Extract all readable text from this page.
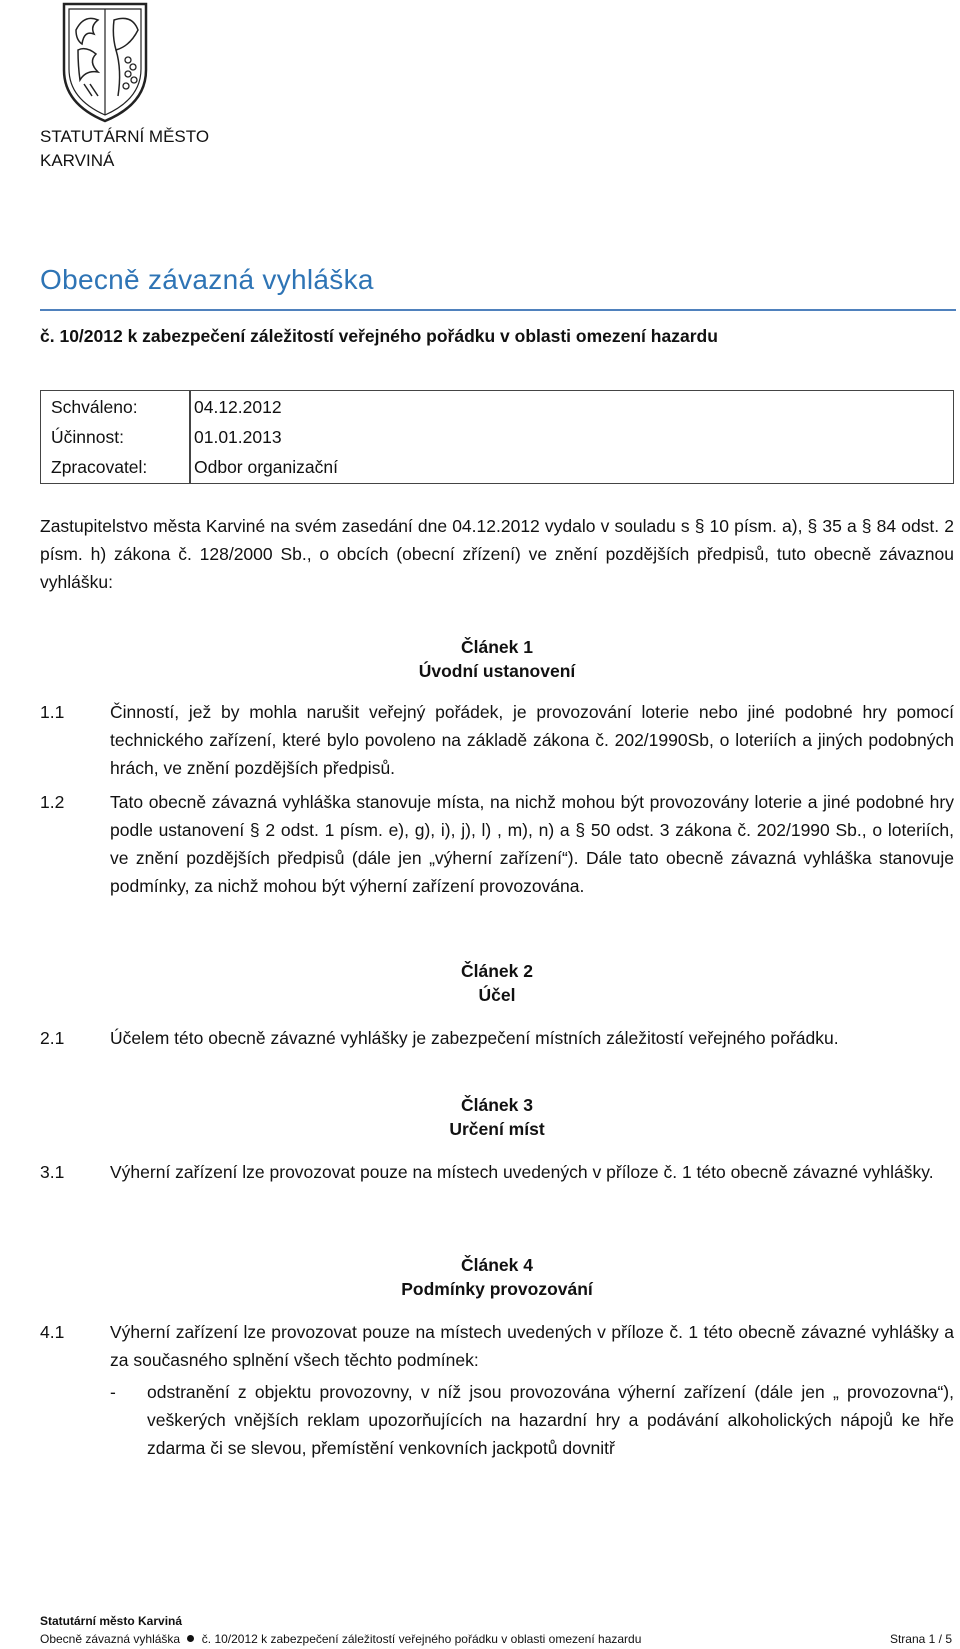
STATUTÁRNÍ MĚSTO
KARVINÁ
Obecně závazná vyhláška
č. 10/2012 k zabezpečení záležitostí veřejného pořádku v oblasti omezení hazardu
Schváleno:	04.12.2012
Účinnost:	01.01.2013
Zpracovatel:	Odbor organizační
Zastupitelstvo města Karviné na svém zasedání dne 04.12.2012 vydalo v souladu s § 10 písm. a), § 35 a § 84 odst. 2 písm. h) zákona č. 128/2000 Sb., o obcích (obecní zřízení) ve znění pozdějších předpisů, tuto obecně závaznou vyhlášku:
Článek 1
Úvodní ustanovení
1.1	Činností, jež by mohla narušit veřejný pořádek, je provozování loterie nebo jiné podobné hry pomocí technického zařízení, které bylo povoleno na základě zákona č. 202/1990Sb, o loteriích a jiných podobných hrách, ve znění pozdějších předpisů.
1.2	Tato obecně závazná vyhláška stanovuje místa, na nichž mohou být provozovány loterie a jiné podobné hry podle ustanovení § 2 odst. 1 písm. e), g), i), j), l) , m), n) a § 50 odst. 3 zákona č. 202/1990 Sb., o loteriích, ve znění pozdějších předpisů (dále jen „výherní zařízení“). Dále tato obecně závazná vyhláška stanovuje podmínky, za nichž mohou být výherní zařízení provozována.
Článek 2
Účel
2.1	Účelem této obecně závazné vyhlášky je zabezpečení místních záležitostí veřejného pořádku.
Článek 3
Určení míst
3.1	Výherní zařízení lze provozovat pouze na místech uvedených v příloze č. 1 této obecně závazné vyhlášky.
Článek 4
Podmínky provozování
4.1	Výherní zařízení lze provozovat pouze na místech uvedených v příloze č. 1 této obecně závazné vyhlášky a za současného splnění všech těchto podmínek:
- odstranění z objektu provozovny, v níž jsou provozována výherní zařízení (dále jen „ provozovna“), veškerých vnějších reklam upozorňujících na hazardní hry a podávání alkoholických nápojů ke hře zdarma či se slevou, přemístění venkovních jackpotů dovnitř
Statutární město Karviná
Obecně závazná vyhláška č. 10/2012 k zabezpečení záležitostí veřejného pořádku v oblasti omezení hazardu	Strana 1 / 5
